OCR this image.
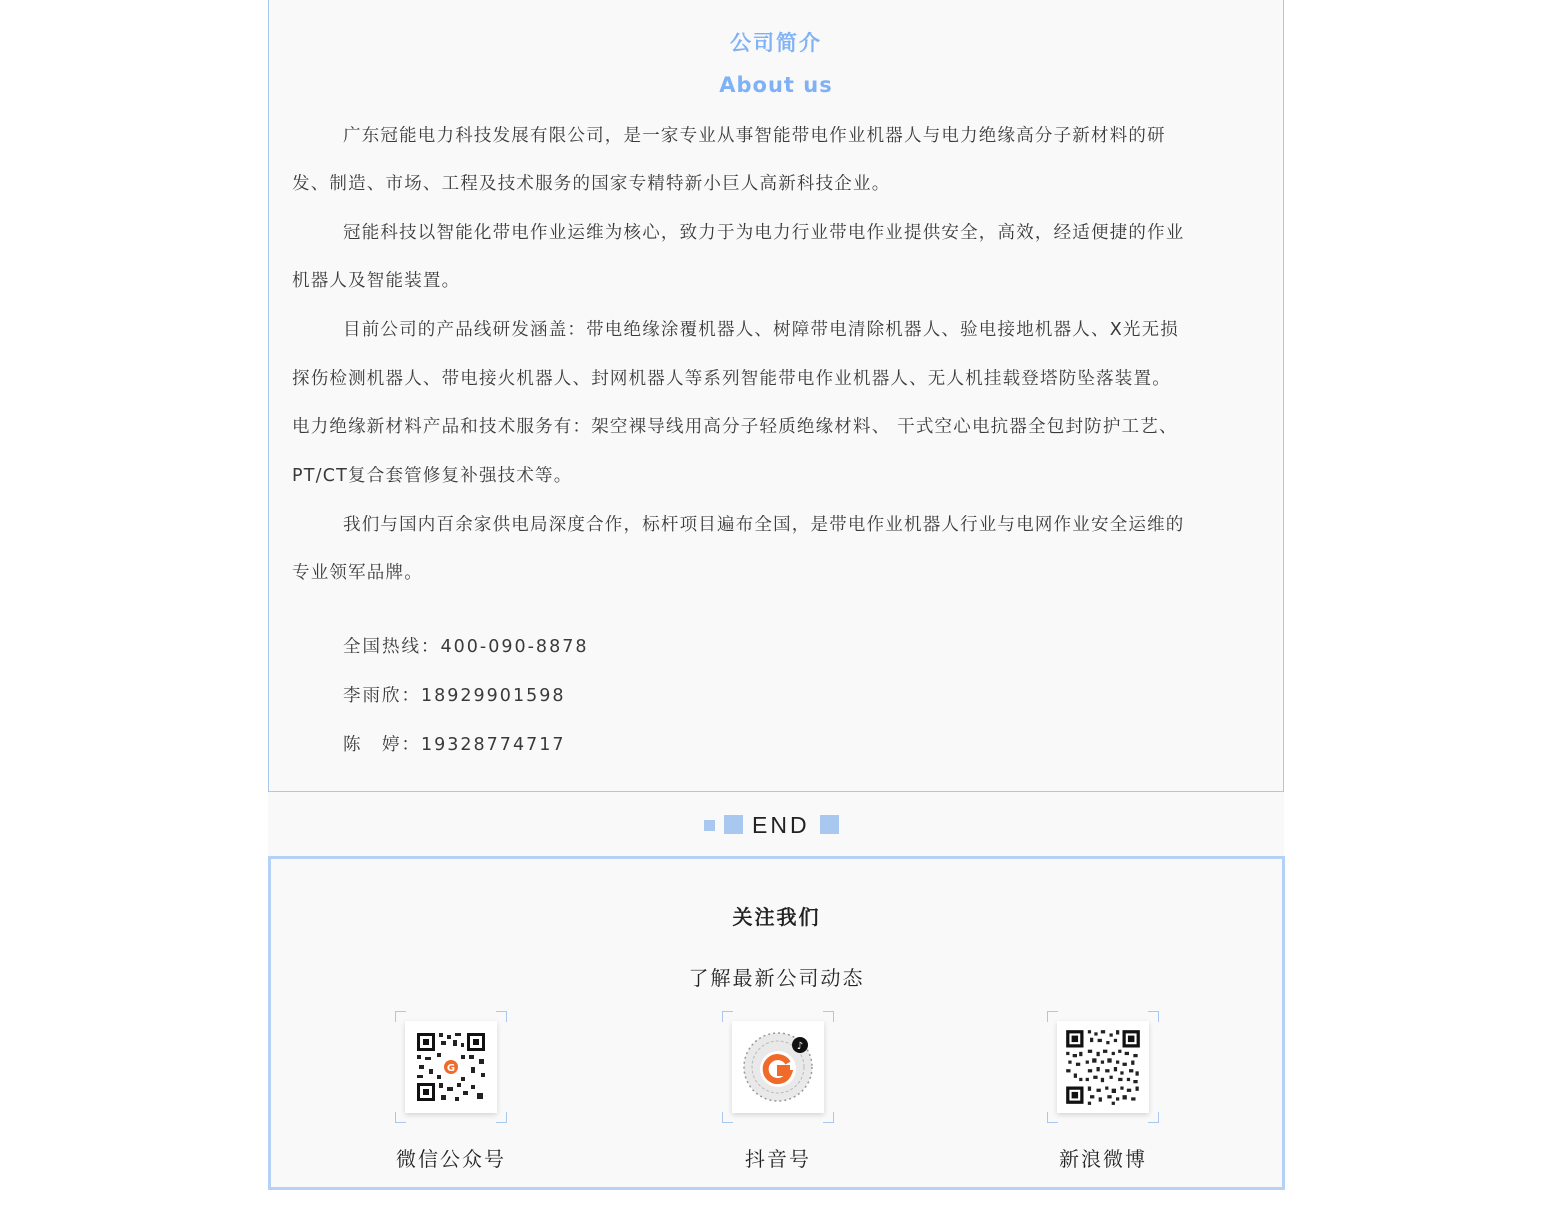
公司简介
About us
广东冠能电力科技发展有限公司，是一家专业从事智能带电作业机器人与电力绝缘高分子新材料的研
发、制造、市场、工程及技术服务的国家专精特新小巨人高新科技企业。
冠能科技以智能化带电作业运维为核心，致力于为电力行业带电作业提供安全，高效，经适便捷的作业
机器人及智能装置。
目前公司的产品线研发涵盖：带电绝缘涂覆机器人、树障带电清除机器人、验电接地机器人、X光无损
探伤检测机器人、带电接火机器人、封网机器人等系列智能带电作业机器人、无人机挂载登塔防坠落装置。
电力绝缘新材料产品和技术服务有：架空裸导线用高分子轻质绝缘材料、 干式空心电抗器全包封防护工艺、
PT/CT复合套管修复补强技术等。
我们与国内百余家供电局深度合作，标杆项目遍布全国，是带电作业机器人行业与电网作业安全运维的
专业领军品牌。
全国热线：400-090-8878
李雨欣：18929901598
陈　婷：19328774717
END
关注我们
了解最新公司动态
G
微信公众号
♪
抖音号	新浪微博
